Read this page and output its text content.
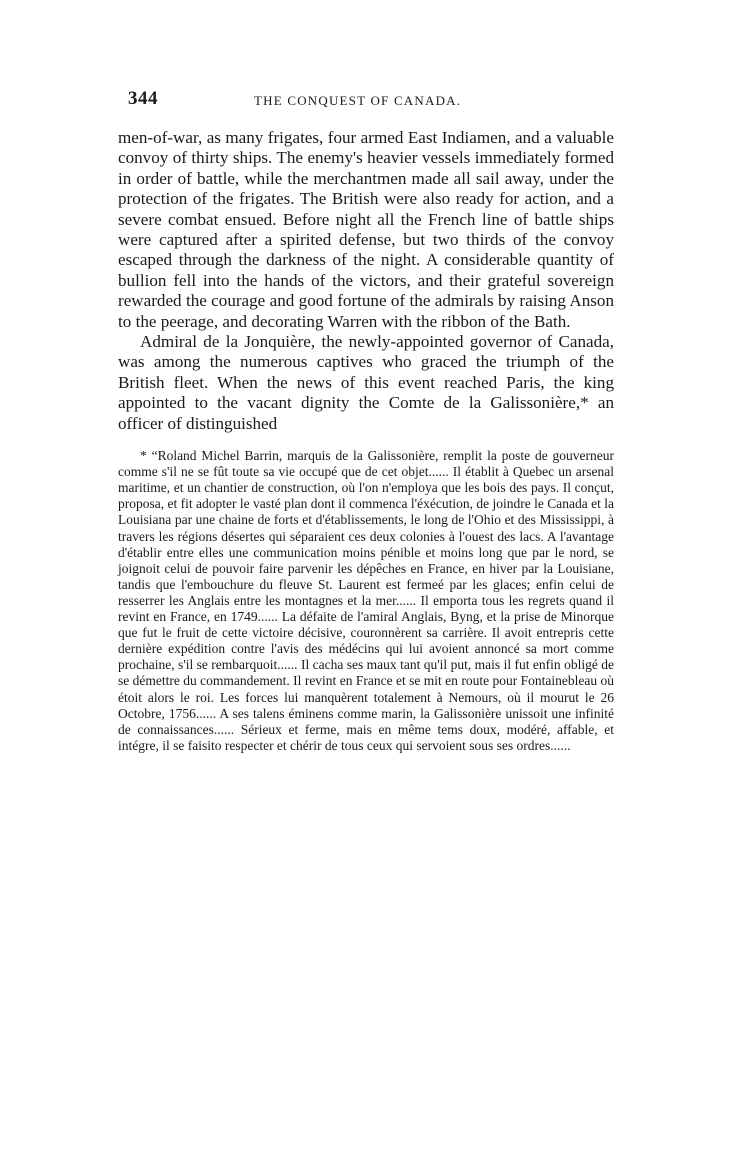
344	THE CONQUEST OF CANADA.

men-of-war, as many frigates, four armed East Indiamen, and a valuable convoy of thirty ships. The enemy's heavier vessels immediately formed in order of battle, while the merchantmen made all sail away, under the protection of the frigates. The British were also ready for action, and a severe combat ensued. Before night all the French line of battle ships were captured after a spirited defense, but two thirds of the convoy escaped through the darkness of the night. A considerable quantity of bullion fell into the hands of the victors, and their grateful sovereign rewarded the courage and good fortune of the admirals by raising Anson to the peerage, and decorating Warren with the ribbon of the Bath.

Admiral de la Jonquière, the newly-appointed governor of Canada, was among the numerous captives who graced the triumph of the British fleet. When the news of this event reached Paris, the king appointed to the vacant dignity the Comte de la Galissonière,* an officer of distinguished

* “Roland Michel Barrin, marquis de la Galissonière, remplit la poste de gouverneur comme s'il ne se fût toute sa vie occupé que de cet objet...... Il établit à Quebec un arsenal maritime, et un chantier de construction, où l'on n'employa que les bois des pays. Il conçut, proposa, et fit adopter le vasté plan dont il commenca l'éxécution, de joindre le Canada et la Louisiana par une chaine de forts et d'établissements, le long de l'Ohio et des Mississippi, à travers les régions désertes qui séparaient ces deux colonies à l'ouest des lacs. A l'avantage d'établir entre elles une communication moins pénible et moins long que par le nord, se joignoit celui de pouvoir faire parvenir les dépêches en France, en hiver par la Louisiane, tandis que l'embouchure du fleuve St. Laurent est fermeé par les glaces; enfin celui de resserrer les Anglais entre les montagnes et la mer...... Il emporta tous les regrets quand il revint en France, en 1749...... La défaite de l'amiral Anglais, Byng, et la prise de Minorque que fut le fruit de cette victoire décisive, couronnèrent sa carrière. Il avoit entrepris cette dernière expédition contre l'avis des médécins qui lui avoient annoncé sa mort comme prochaine, s'il se rembarquoit...... Il cacha ses maux tant qu'il put, mais il fut enfin obligé de se démettre du commandement. Il revint en France et se mit en route pour Fontainebleau où étoit alors le roi. Les forces lui manquèrent totalement à Nemours, où il mourut le 26 Octobre, 1756...... A ses talens éminens comme marin, la Galissonière unissoit une infinité de connaissances...... Sérieux et ferme, mais en même tems doux, modéré, affable, et intégre, il se faisito respecter et chérir de tous ceux qui servoient sous ses ordres......
